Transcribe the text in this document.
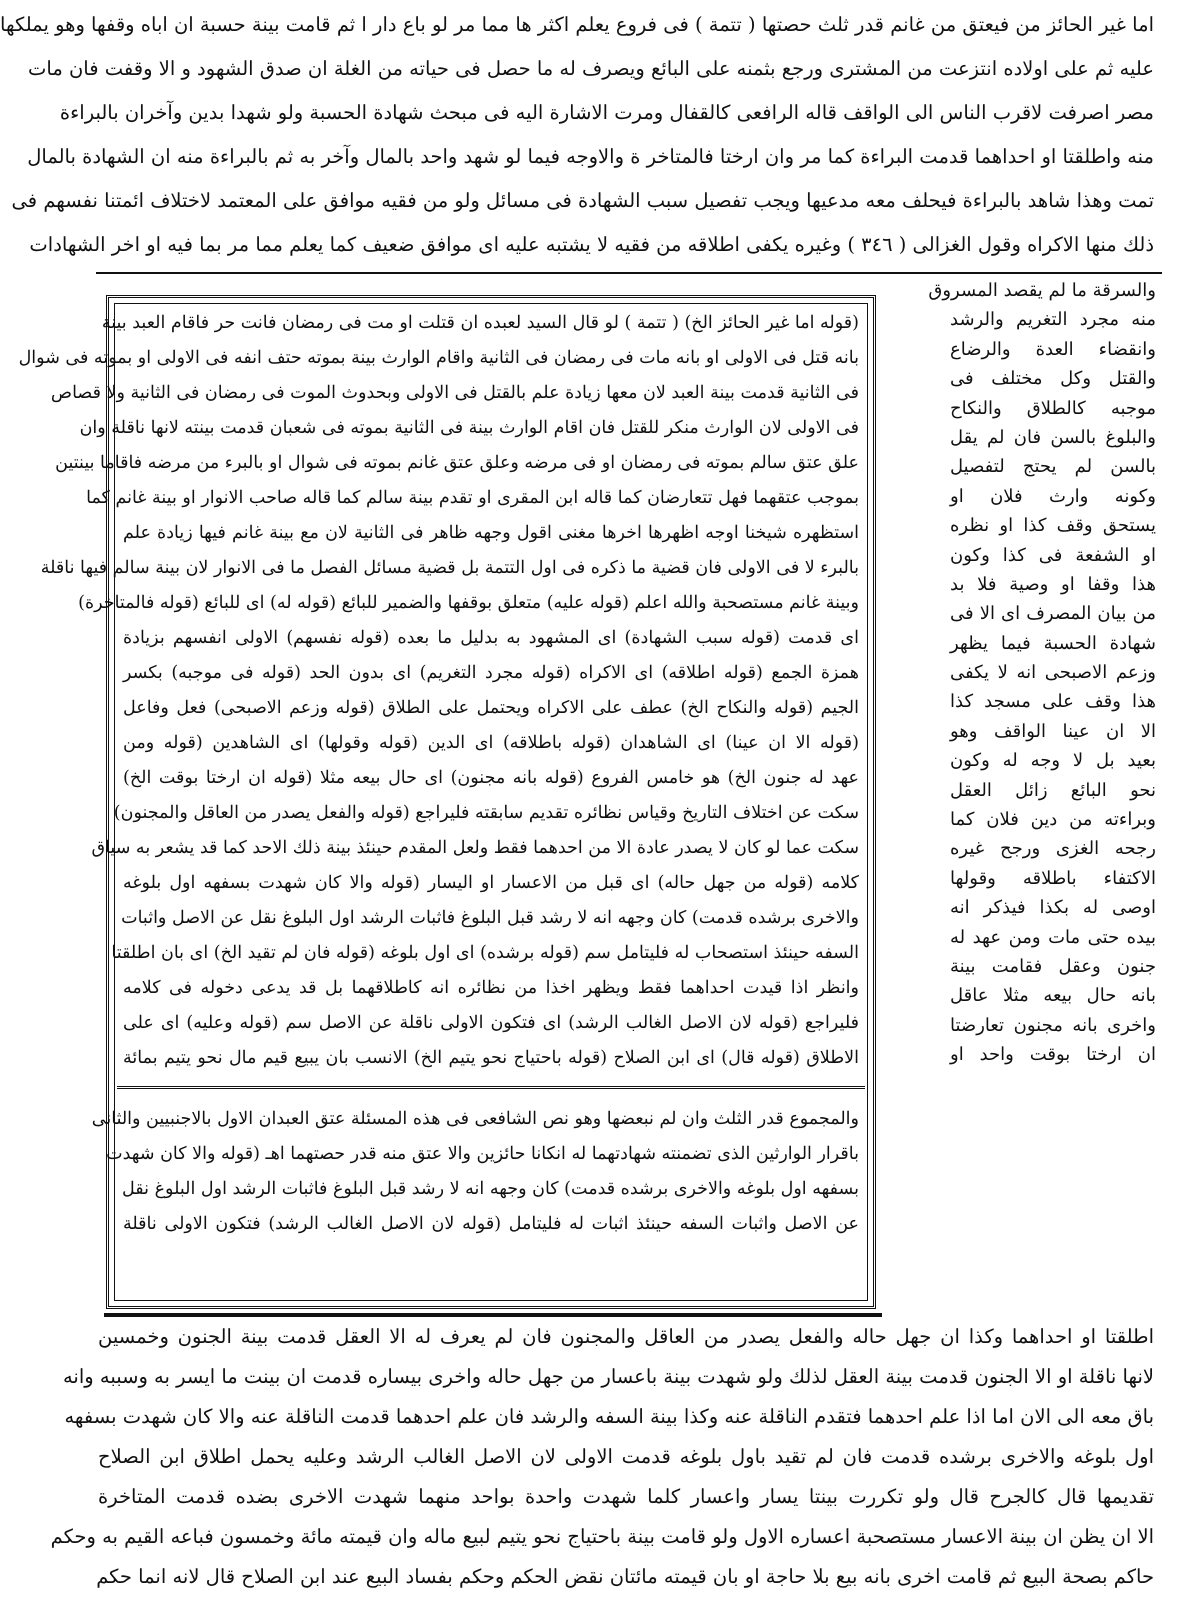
اما غير الحائز من فيعتق من غانم قدر ثلث حصتها ( تتمة ) فى فروع يعلم اكثر ها مما مر لو باع دار ا ثم قامت بينة حسبة ان اباه وقفها وهو يملكها

عليه ثم على اولاده انتزعت من المشترى ورجع بثمنه على البائع ويصرف له ما حصل فى حياته من الغلة ان صدق الشهود و الا وقفت فان مات

مصر اصرفت لاقرب الناس الى الواقف قاله الرافعى كالقفال ومرت الاشارة اليه فى مبحث شهادة الحسبة ولو شهدا بدين وآخران بالبراءة

منه واطلقتا او احداهما قدمت البراءة كما مر وان ارختا فالمتاخر ة والاوجه فيما لو شهد واحد بالمال وآخر به ثم بالبراءة منه ان الشهادة بالمال

تمت وهذا شاهد بالبراءة فيحلف معه مدعيها ويجب تفصيل سبب الشهادة فى مسائل ولو من فقيه موافق على المعتمد لاختلاف ائمتنا نفسهم فى

ذلك منها الاكراه وقول الغزالى ( ٣٤٦ ) وغيره يكفى اطلاقه من فقيه لا يشتبه عليه اى موافق ضعيف كما يعلم مما مر بما فيه او اخر الشهادات

والسرقة ما لم يقصد المسروق

منه مجرد التغريم والرشد

وانقضاء العدة والرضاع

والقتل وكل مختلف فى

موجبه كالطلاق والنكاح

والبلوغ بالسن فان لم يقل

بالسن لم يحتج لتفصيل

وكونه وارث فلان او

يستحق وقف كذا او نظره

او الشفعة فى كذا وكون

هذا وقفا او وصية فلا بد

من بيان المصرف اى الا فى

شهادة الحسبة فيما يظهر

وزعم الاصبحى انه لا يكفى

هذا وقف على مسجد كذا

الا ان عينا الواقف وهو

بعيد بل لا وجه له وكون

نحو البائع زائل العقل

وبراءته من دين فلان كما

رجحه الغزى ورجح غيره

الاكتفاء باطلاقه وقولها

اوصى له بكذا فيذكر انه

بيده حتى مات ومن عهد له

جنون وعقل فقامت بينة

بانه حال بيعه مثلا عاقل

واخرى بانه مجنون تعارضتا

ان ارختا بوقت واحد او

(قوله اما غير الحائز الخ) ( تتمة ) لو قال السيد لعبده ان قتلت او مت فى رمضان فانت حر فاقام العبد بينة

بانه قتل فى الاولى او بانه مات فى رمضان فى الثانية واقام الوارث بينة بموته حتف انفه فى الاولى او بموته فى شوال

فى الثانية قدمت بينة العبد لان معها زيادة علم بالقتل فى الاولى وبحدوث الموت فى رمضان فى الثانية ولا قصاص

فى الاولى لان الوارث منكر للقتل فان اقام الوارث بينة فى الثانية بموته فى شعبان قدمت بينته لانها ناقلة وان

علق عتق سالم بموته فى رمضان او فى مرضه وعلق عتق غانم بموته فى شوال او بالبرء من مرضه فاقاما بينتين

بموجب عتقهما فهل تتعارضان كما قاله ابن المقرى او تقدم بينة سالم كما قاله صاحب الانوار او بينة غانم كما

استظهره شيخنا اوجه اظهرها اخرها مغنى اقول وجهه ظاهر فى الثانية لان مع بينة غانم فيها زيادة علم

بالبرء لا فى الاولى فان قضية ما ذكره فى اول التتمة بل قضية مسائل الفصل ما فى الانوار لان بينة سالم فيها ناقلة

وبينة غانم مستصحبة والله اعلم (قوله عليه) متعلق بوقفها والضمير للبائع (قوله له) اى للبائع (قوله فالمتاخرة)

اى قدمت (قوله سبب الشهادة) اى المشهود به بدليل ما بعده (قوله نفسهم) الاولى انفسهم بزيادة

همزة الجمع (قوله اطلاقه) اى الاكراه (قوله مجرد التغريم) اى بدون الحد (قوله فى موجبه) بكسر

الجيم (قوله والنكاح الخ) عطف على الاكراه ويحتمل على الطلاق (قوله وزعم الاصبحى) فعل وفاعل

(قوله الا ان عينا) اى الشاهدان (قوله باطلاقه) اى الدين (قوله وقولها) اى الشاهدين (قوله ومن

عهد له جنون الخ) هو خامس الفروع (قوله بانه مجنون) اى حال بيعه مثلا (قوله ان ارختا بوقت الخ)

سكت عن اختلاف التاريخ وقياس نظائره تقديم سابقته فليراجع (قوله والفعل يصدر من العاقل والمجنون)

سكت عما لو كان لا يصدر عادة الا من احدهما فقط ولعل المقدم حينئذ بينة ذلك الاحد كما قد يشعر به سياق

كلامه (قوله من جهل حاله) اى قبل من الاعسار او اليسار (قوله والا كان شهدت بسفهه اول بلوغه

والاخرى برشده قدمت) كان وجهه انه لا رشد قبل البلوغ فاثبات الرشد اول البلوغ نقل عن الاصل واثبات

السفه حينئذ استصحاب له فليتامل سم (قوله برشده) اى اول بلوغه (قوله فان لم تقيد الخ) اى بان اطلقتا

وانظر اذا قيدت احداهما فقط ويظهر اخذا من نظائره انه كاطلاقهما بل قد يدعى دخوله فى كلامه

فليراجع (قوله لان الاصل الغالب الرشد) اى فتكون الاولى ناقلة عن الاصل سم (قوله وعليه) اى على

الاطلاق (قوله قال) اى ابن الصلاح (قوله باحتياج نحو يتيم الخ) الانسب بان يبيع قيم مال نحو يتيم بمائة

والمجموع قدر الثلث وان لم نبعضها وهو نص الشافعى فى هذه المسئلة عتق العبدان الاول بالاجنبيين والثانى

باقرار الوارثين الذى تضمنته شهادتهما له انكانا حائزين والا عتق منه قدر حصتهما اهـ (قوله والا كان شهدت

بسفهه اول بلوغه والاخرى برشده قدمت) كان وجهه انه لا رشد قبل البلوغ فاثبات الرشد اول البلوغ نقل

عن الاصل واثبات السفه حينئذ اثبات له فليتامل (قوله لان الاصل الغالب الرشد) فتكون الاولى ناقلة

اطلقتا او احداهما وكذا ان جهل حاله والفعل يصدر من العاقل والمجنون فان لم يعرف له الا العقل قدمت بينة الجنون وخمسين

لانها ناقلة او الا الجنون قدمت بينة العقل لذلك ولو شهدت بينة باعسار من جهل حاله واخرى بيساره قدمت ان بينت ما ايسر به وسببه وانه

باق معه الى الان اما اذا علم احدهما فتقدم الناقلة عنه وكذا بينة السفه والرشد فان علم احدهما قدمت الناقلة عنه والا كان شهدت بسفهه

اول بلوغه والاخرى برشده قدمت فان لم تقيد باول بلوغه قدمت الاولى لان الاصل الغالب الرشد وعليه يحمل اطلاق ابن الصلاح

تقديمها قال كالجرح قال ولو تكررت بينتا يسار واعسار كلما شهدت واحدة بواحد منهما شهدت الاخرى بضده قدمت المتاخرة

الا ان يظن ان بينة الاعسار مستصحبة اعساره الاول ولو قامت بينة باحتياج نحو يتيم لبيع ماله وان قيمته مائة وخمسون فباعه القيم به وحكم

حاكم بصحة البيع ثم قامت اخرى بانه بيع بلا حاجة او بان قيمته مائتان نقض الحكم وحكم بفساد البيع عند ابن الصلاح قال لانه انما حكم
